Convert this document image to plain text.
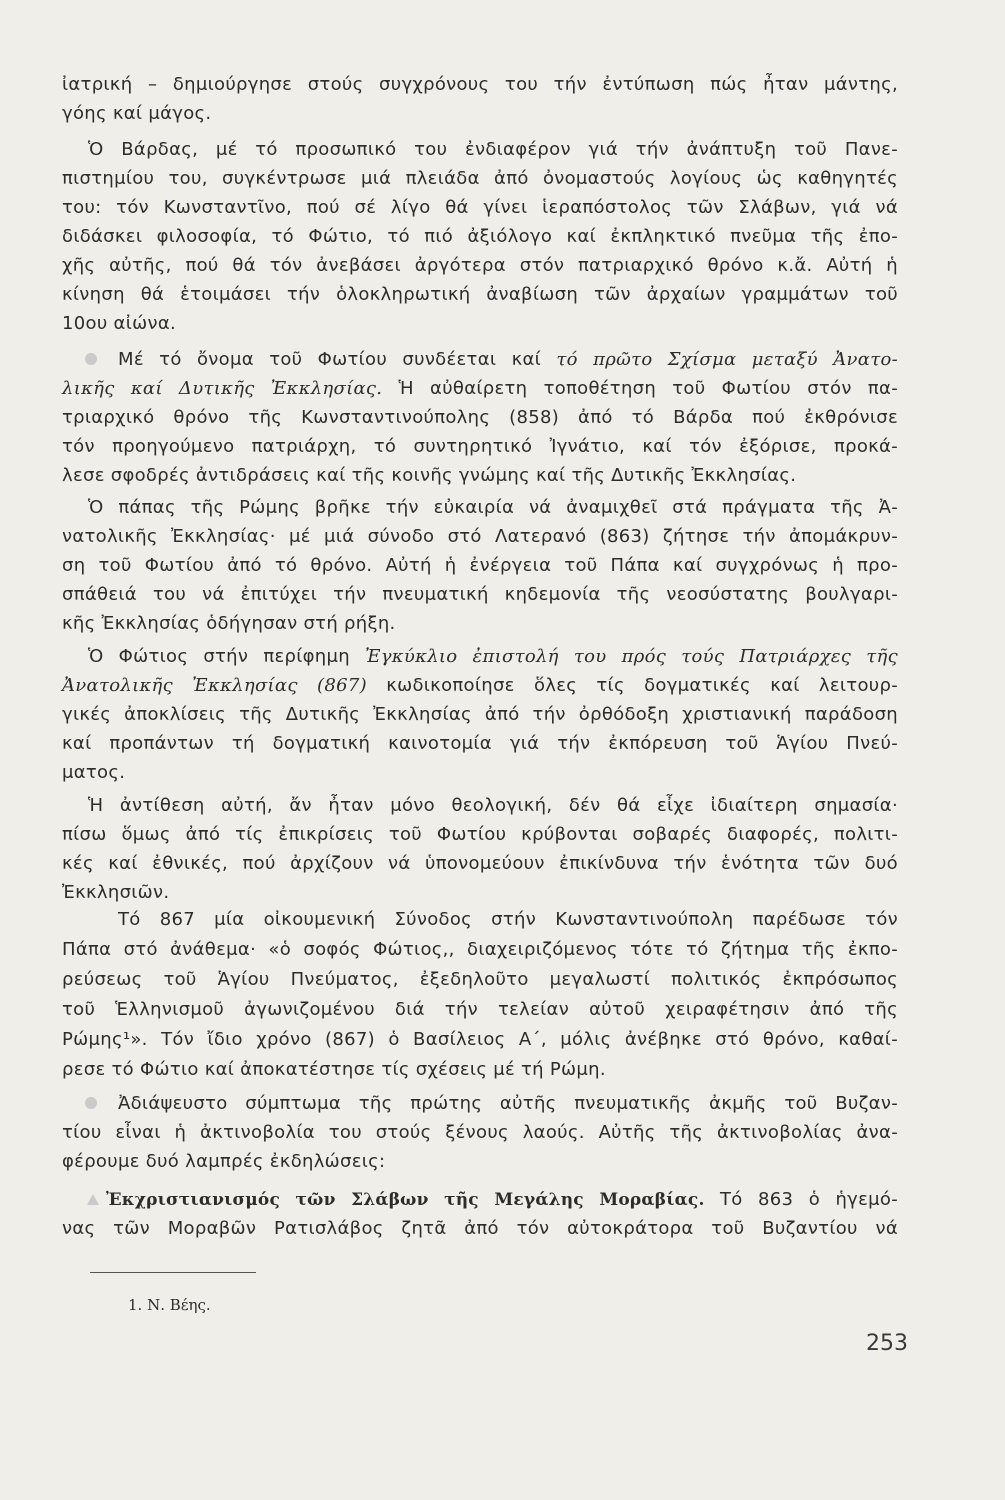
ἰατρική – δημιούργησε στούς συγχρόνους του τήν ἐντύπωση πώς ἦταν μάντης,
γόης καί μάγος.
Ὁ Βάρδας, μέ τό προσωπικό του ἐνδιαφέρον γιά τήν ἀνάπτυξη τοῦ Πανε-
πιστημίου του, συγκέντρωσε μιά πλειάδα ἀπό ὀνομαστούς λογίους ὡς καθηγητές
του: τόν Κωνσταντῖνο, πού σέ λίγο θά γίνει ἱεραπόστολος τῶν Σλάβων, γιά νά
διδάσκει φιλοσοφία, τό Φώτιο, τό πιό ἀξιόλογο καί ἐκπληκτικό πνεῦμα τῆς ἐπο-
χῆς αὐτῆς, πού θά τόν ἀνεβάσει ἀργότερα στόν πατριαρχικό θρόνο κ.ἄ. Αὐτή ἡ
κίνηση θά ἑτοιμάσει τήν ὁλοκληρωτική ἀναβίωση τῶν ἀρχαίων γραμμάτων τοῦ
10ου αἰώνα.
Μέ τό ὄνομα τοῦ Φωτίου συνδέεται καί τό πρῶτο Σχίσμα μεταξύ Ἀνατο-
λικῆς καί Δυτικῆς Ἐκκλησίας. Ἡ αὐθαίρετη τοποθέτηση τοῦ Φωτίου στόν πα-
τριαρχικό θρόνο τῆς Κωνσταντινούπολης (858) ἀπό τό Βάρδα πού ἐκθρόνισε
τόν προηγούμενο πατριάρχη, τό συντηρητικό Ἰγνάτιο, καί τόν ἐξόρισε, προκά-
λεσε σφοδρές ἀντιδράσεις καί τῆς κοινῆς γνώμης καί τῆς Δυτικῆς Ἐκκλησίας.
Ὁ πάπας τῆς Ρώμης βρῆκε τήν εὐκαιρία νά ἀναμιχθεῖ στά πράγματα τῆς Ἀ-
νατολικῆς Ἐκκλησίας· μέ μιά σύνοδο στό Λατερανό (863) ζήτησε τήν ἀπομάκρυν-
ση τοῦ Φωτίου ἀπό τό θρόνο. Αὐτή ἡ ἐνέργεια τοῦ Πάπα καί συγχρόνως ἡ προ-
σπάθειά του νά ἐπιτύχει τήν πνευματική κηδεμονία τῆς νεοσύστατης βουλγαρι-
κῆς Ἐκκλησίας ὁδήγησαν στή ρήξη.
Ὁ Φώτιος στήν περίφημη Ἐγκύκλιο ἐπιστολή του πρός τούς Πατριάρχες τῆς
Ἀνατολικῆς Ἐκκλησίας (867) κωδικοποίησε ὅλες τίς δογματικές καί λειτουρ-
γικές ἀποκλίσεις τῆς Δυτικῆς Ἐκκλησίας ἀπό τήν ὀρθόδοξη χριστιανική παράδοση
καί προπάντων τή δογματική καινοτομία γιά τήν ἐκπόρευση τοῦ Ἁγίου Πνεύ-
ματος.
Ἡ ἀντίθεση αὐτή, ἄν ἦταν μόνο θεολογική, δέν θά εἶχε ἰδιαίτερη σημασία·
πίσω ὅμως ἀπό τίς ἐπικρίσεις τοῦ Φωτίου κρύβονται σοβαρές διαφορές, πολιτι-
κές καί ἐθνικές, πού ἀρχίζουν νά ὑπονομεύουν ἐπικίνδυνα τήν ἑνότητα τῶν δυό
Ἐκκλησιῶν.
Τό 867 μία οἰκουμενική Σύνοδος στήν Κωνσταντινούπολη παρέδωσε τόν
Πάπα στό ἀνάθεμα· «ὁ σοφός Φώτιος,, διαχειριζόμενος τότε τό ζήτημα τῆς ἐκπο-
ρεύσεως τοῦ Ἁγίου Πνεύματος, ἐξεδηλοῦτο μεγαλωστί πολιτικός ἐκπρόσωπος
τοῦ Ἑλληνισμοῦ ἀγωνιζομένου διά τήν τελείαν αὐτοῦ χειραφέτησιν ἀπό τῆς
Ρώμης¹». Τόν ἴδιο χρόνο (867) ὁ Βασίλειος Α΄, μόλις ἀνέβηκε στό θρόνο, καθαί-
ρεσε τό Φώτιο καί ἀποκατέστησε τίς σχέσεις μέ τή Ρώμη.
Ἀδιάψευστο σύμπτωμα τῆς πρώτης αὐτῆς πνευματικῆς ἀκμῆς τοῦ Βυζαν-
τίου εἶναι ἡ ἀκτινοβολία του στούς ξένους λαούς. Αὐτῆς τῆς ἀκτινοβολίας ἀνα-
φέρουμε δυό λαμπρές ἐκδηλώσεις:
Ἐκχριστιανισμός τῶν Σλάβων τῆς Μεγάλης Μοραβίας. Τό 863 ὁ ἡγεμό-
νας τῶν Μοραβῶν Ρατισλάβος ζητᾶ ἀπό τόν αὐτοκράτορα τοῦ Βυζαντίου νά
1. Ν. Βέης.
253
